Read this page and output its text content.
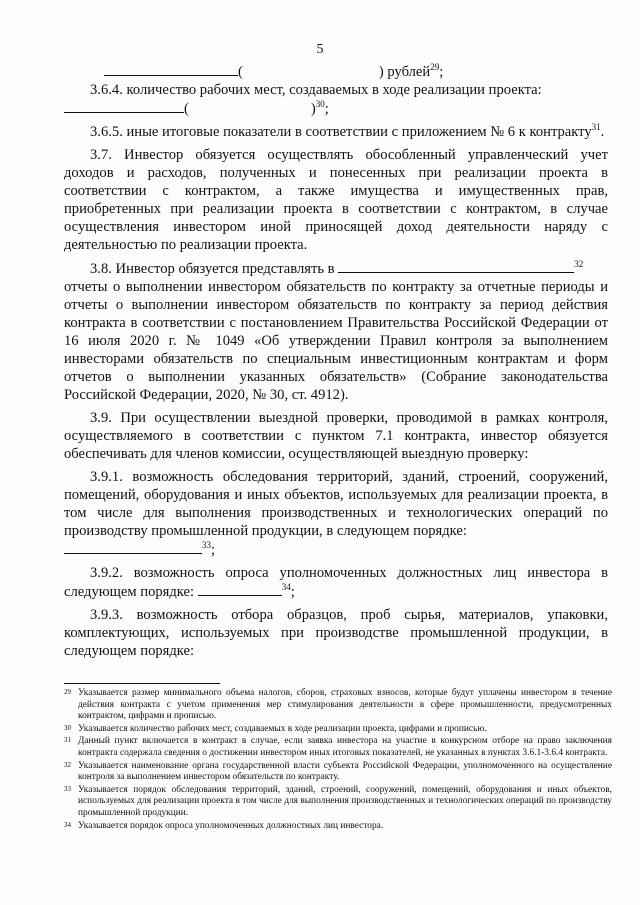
5

(	) рублей$^{29}$;

3.6.4. количество рабочих мест, создаваемых в ходе реализации проекта:

(	)$^{30}$;

3.6.5. иные итоговые показатели в соответствии с приложением № 6 к контракту$^{31}$.

3.7. Инвестор обязуется осуществлять обособленный управленческий учет доходов и расходов, полученных и понесенных при реализации проекта в соответствии с контрактом, а также имущества и имущественных прав, приобретенных при реализации проекта в соответствии с контрактом, в случае осуществления инвестором иной приносящей доход деятельности наряду с деятельностью по реализации проекта.

3.8. Инвестор обязуется представлять в	$^{32}$

отчеты о выполнении инвестором обязательств по контракту за отчетные периоды и отчеты о выполнении инвестором обязательств по контракту за период действия контракта в соответствии с постановлением Правительства Российской Федерации от 16 июля 2020 г. № 1049 «Об утверждении Правил контроля за выполнением инвесторами обязательств по специальным инвестиционным контрактам и форм отчетов о выполнении указанных обязательств» (Собрание законодательства Российской Федерации, 2020, № 30, ст. 4912).

3.9. При осуществлении выездной проверки, проводимой в рамках контроля, осуществляемого в соответствии с пунктом 7.1 контракта, инвестор обязуется обеспечивать для членов комиссии, осуществляющей выездную проверку:

3.9.1. возможность обследования территорий, зданий, строений, сооружений, помещений, оборудования и иных объектов, используемых для реализации проекта, в том числе для выполнения производственных и технологических операций по производству промышленной продукции, в следующем порядке:

$^{33}$;

3.9.2. возможность опроса уполномоченных должностных лиц инвестора в следующем порядке:	$^{34}$;

3.9.3. возможность отбора образцов, проб сырья, материалов, упаковки, комплектующих, используемых при производстве промышленной продукции, в следующем порядке:

29 Указывается размер минимального объема налогов, сборов, страховых взносов, которые будут уплачены инвестором в течение действия контракта с учетом применения мер стимулирования деятельности в сфере промышленности, предусмотренных контрактом, цифрами и прописью.
30 Указывается количество рабочих мест, создаваемых в ходе реализации проекта, цифрами и прописью.
31 Данный пункт включается в контракт в случае, если заявка инвестора на участие в конкурсном отборе на право заключения контракта содержала сведения о достижении инвестором иных итоговых показателей, не указанных в пунктах 3.6.1-3.6.4 контракта.
32 Указывается наименование органа государственной власти субъекта Российской Федерации, уполномоченного на осуществление контроля за выполнением инвестором обязательств по контракту.
33 Указывается порядок обследования территорий, зданий, строений, сооружений, помещений, оборудования и иных объектов, используемых для реализации проекта в том числе для выполнения производственных и технологических операций по производству промышленной продукции.
34 Указывается порядок опроса уполномоченных должностных лиц инвестора.
